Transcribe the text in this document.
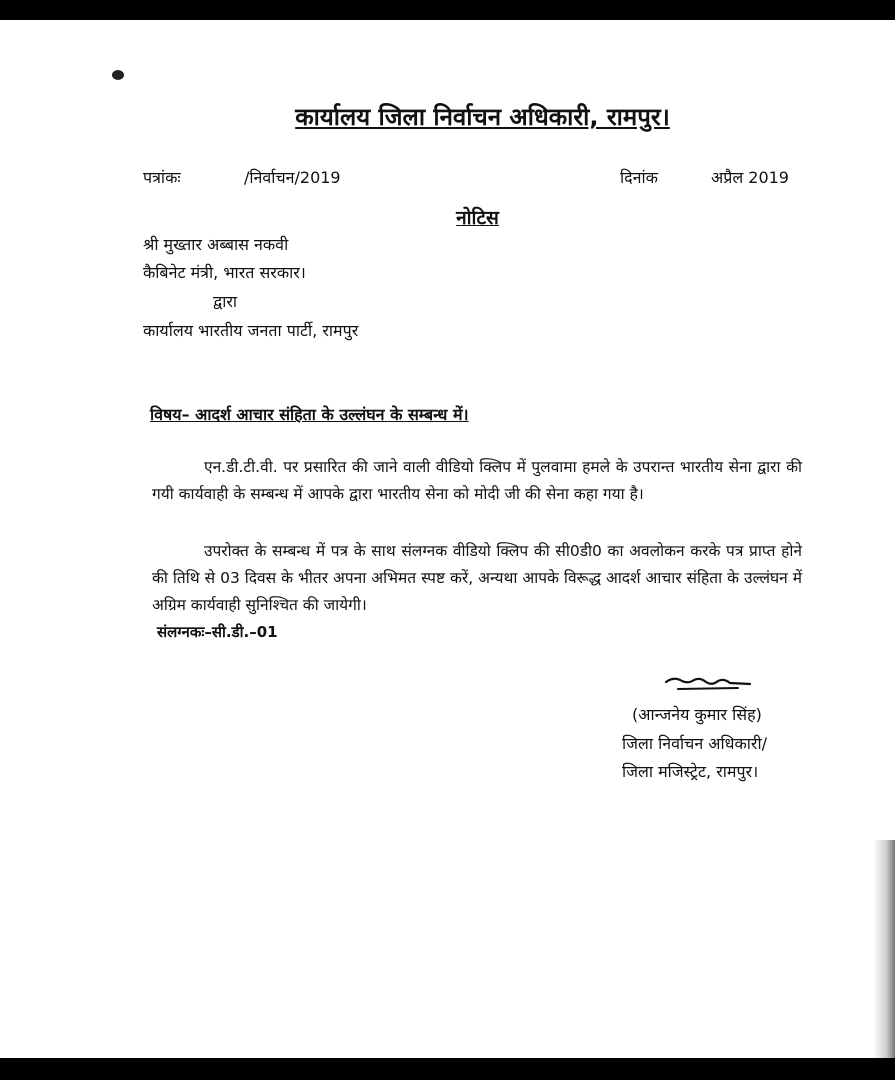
कार्यालय जिला निर्वाचन अधिकारी, रामपुर।
पत्रांकः	/निर्वाचन/2019	दिनांक	अप्रैल 2019
नोटिस
श्री मुख्तार अब्बास नकवी
कैबिनेट मंत्री, भारत सरकार।
द्वारा
कार्यालय भारतीय जनता पार्टी, रामपुर
विषय– आदर्श आचार संहिता के उल्लंघन के सम्बन्ध में।
एन.डी.टी.वी. पर प्रसारित की जाने वाली वीडियो क्लिप में पुलवामा हमले के उपरान्त भारतीय सेना द्वारा की गयी कार्यवाही के सम्बन्ध में आपके द्वारा भारतीय सेना को मोदी जी की सेना कहा गया है।
उपरोक्त के सम्बन्ध में पत्र के साथ संलग्नक वीडियो क्लिप की सी0डी0 का अवलोकन करके पत्र प्राप्त होने की तिथि से 03 दिवस के भीतर अपना अभिमत स्पष्ट करें, अन्यथा आपके विरूद्ध आदर्श आचार संहिता के उल्लंघन में अग्रिम कार्यवाही सुनिश्चित की जायेगी।
संलग्नकः–सी.डी.–01
(आन्जनेय कुमार सिंह)
जिला निर्वाचन अधिकारी/
जिला मजिस्ट्रेट, रामपुर।
